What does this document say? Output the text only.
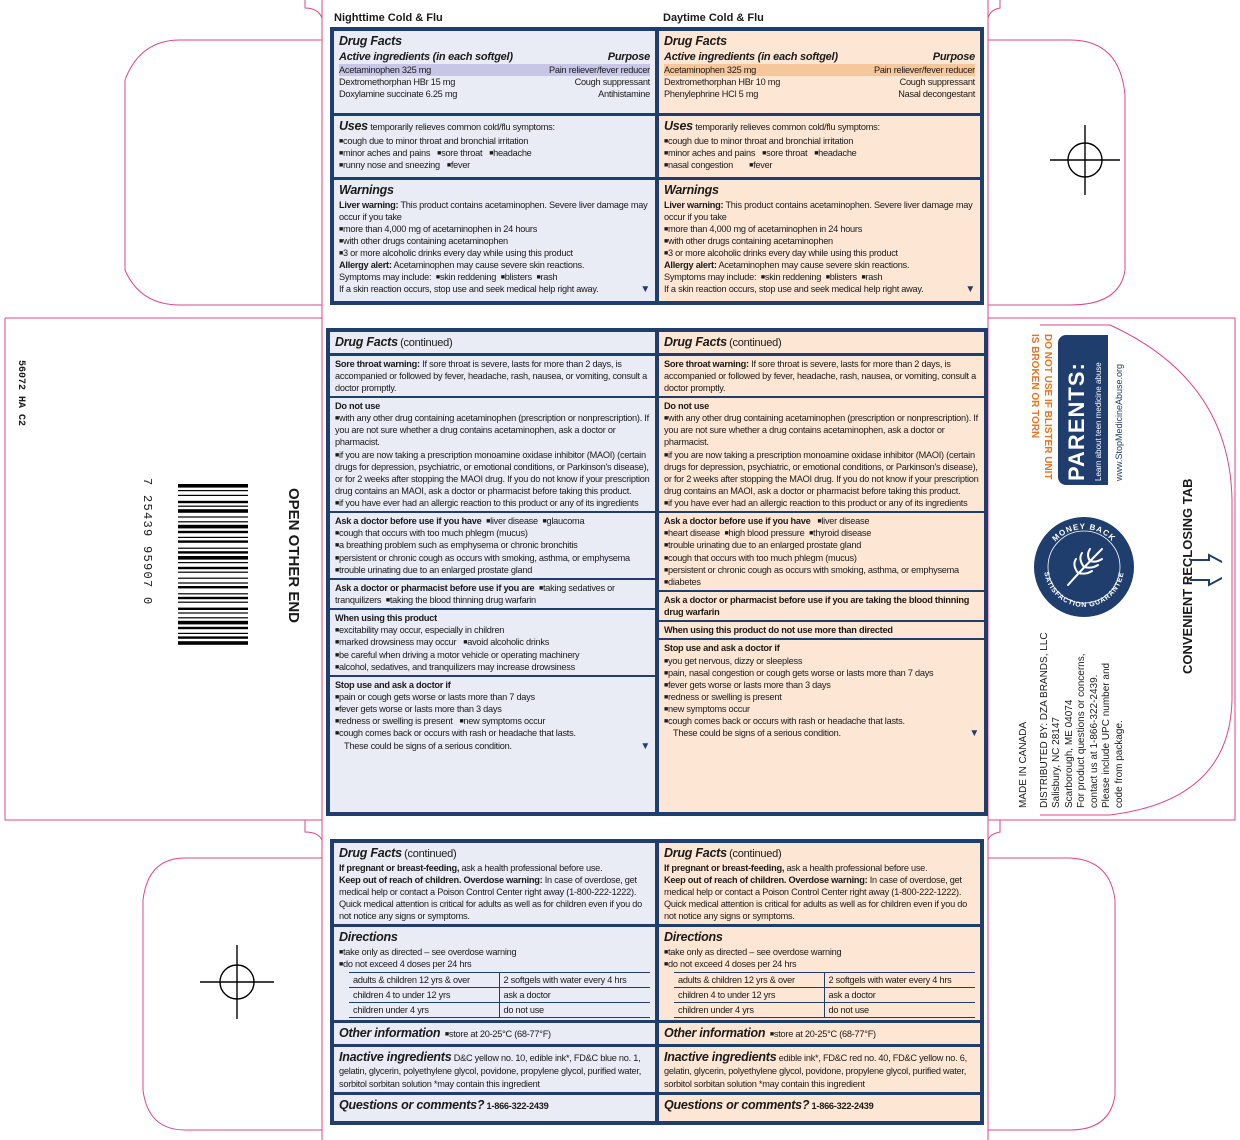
Nighttime Cold & Flu	Daytime Cold & Flu
Drug Facts
Active ingredients (in each softgel)	Purpose
Acetaminophen 325 mg	Pain reliever/fever reducer
Dextromethorphan HBr 15 mg	Cough suppressant
Doxylamine succinate 6.25 mg	Antihistamine
Uses temporarily relieves common cold/flu symptoms:
■ cough due to minor throat and bronchial irritation
■ minor aches and pains ■ sore throat ■ headache
■ runny nose and sneezing ■ fever
Warnings
Liver warning: This product contains acetaminophen. Severe liver damage may occur if you take
■ more than 4,000 mg of acetaminophen in 24 hours
■ with other drugs containing acetaminophen
■ 3 or more alcoholic drinks every day while using this product
Allergy alert: Acetaminophen may cause severe skin reactions.
Symptoms may include: ■ skin reddening ■ blisters ■ rash
If a skin reaction occurs, stop use and seek medical help right away.	▼
Drug Facts
Active ingredients (in each softgel)	Purpose
Acetaminophen 325 mg	Pain reliever/fever reducer
Dextromethorphan HBr 10 mg	Cough suppressant
Phenylephrine HCl 5 mg	Nasal decongestant
Uses temporarily relieves common cold/flu symptoms:
■ cough due to minor throat and bronchial irritation
■ minor aches and pains ■ sore throat ■ headache
■ nasal congestion ■ fever
Warnings
Liver warning: This product contains acetaminophen. Severe liver damage may occur if you take
■ more than 4,000 mg of acetaminophen in 24 hours
■ with other drugs containing acetaminophen
■ 3 or more alcoholic drinks every day while using this product
Allergy alert: Acetaminophen may cause severe skin reactions.
Symptoms may include: ■ skin reddening ■ blisters ■ rash
If a skin reaction occurs, stop use and seek medical help right away.	▼
Drug Facts (continued)
Sore throat warning: If sore throat is severe, lasts for more than 2 days, is accompanied or followed by fever, headache, rash, nausea, or vomiting, consult a doctor promptly.
Do not use
■ with any other drug containing acetaminophen (prescription or nonprescription). If you are not sure whether a drug contains acetaminophen, ask a doctor or pharmacist.
■ if you are now taking a prescription monoamine oxidase inhibitor (MAOI) (certain drugs for depression, psychiatric, or emotional conditions, or Parkinson's disease), or for 2 weeks after stopping the MAOI drug. If you do not know if your prescription drug contains an MAOI, ask a doctor or pharmacist before taking this product.
■ if you have ever had an allergic reaction to this product or any of its ingredients
Ask a doctor before use if you have ■ liver disease ■ glaucoma
■ cough that occurs with too much phlegm (mucus)
■ a breathing problem such as emphysema or chronic bronchitis
■ persistent or chronic cough as occurs with smoking, asthma, or emphysema
■ trouble urinating due to an enlarged prostate gland
Ask a doctor or pharmacist before use if you are ■ taking sedatives or tranquilizers ■ taking the blood thinning drug warfarin
When using this product
■ excitability may occur, especially in children
■ marked drowsiness may occur ■ avoid alcoholic drinks
■ be careful when driving a motor vehicle or operating machinery
■ alcohol, sedatives, and tranquilizers may increase drowsiness
Stop use and ask a doctor if
■ pain or cough gets worse or lasts more than 7 days
■ fever gets worse or lasts more than 3 days
■ redness or swelling is present ■ new symptoms occur
■ cough comes back or occurs with rash or headache that lasts.
These could be signs of a serious condition.	▼
Drug Facts (continued)
Sore throat warning: If sore throat is severe, lasts for more than 2 days, is accompanied or followed by fever, headache, rash, nausea, or vomiting, consult a doctor promptly.
Do not use
■ with any other drug containing acetaminophen (prescription or nonprescription). If you are not sure whether a drug contains acetaminophen, ask a doctor or pharmacist.
■ if you are now taking a prescription monoamine oxidase inhibitor (MAOI) (certain drugs for depression, psychiatric, or emotional conditions, or Parkinson's disease), or for 2 weeks after stopping the MAOI drug. If you do not know if your prescription drug contains an MAOI, ask a doctor or pharmacist before taking this product.
■ if you have ever had an allergic reaction to this product or any of its ingredients
Ask a doctor before use if you have ■ liver disease
■ heart disease ■ high blood pressure ■ thyroid disease
■ trouble urinating due to an enlarged prostate gland
■ cough that occurs with too much phlegm (mucus)
■ persistent or chronic cough as occurs with smoking, asthma, or emphysema
■ diabetes
Ask a doctor or pharmacist before use if you are taking the blood thinning drug warfarin
When using this product do not use more than directed
Stop use and ask a doctor if
■ you get nervous, dizzy or sleepless
■ pain, nasal congestion or cough gets worse or lasts more than 7 days
■ fever gets worse or lasts more than 3 days
■ redness or swelling is present
■ new symptoms occur
■ cough comes back or occurs with rash or headache that lasts.
These could be signs of a serious condition.	▼
Drug Facts (continued)
If pregnant or breast-feeding, ask a health professional before use.
Keep out of reach of children. Overdose warning: In case of overdose, get medical help or contact a Poison Control Center right away (1-800-222-1222). Quick medical attention is critical for adults as well as for children even if you do not notice any signs or symptoms.
Directions
■ take only as directed – see overdose warning
■ do not exceed 4 doses per 24 hrs
adults & children 12 yrs & over	2 softgels with water every 4 hrs
children 4 to under 12 yrs	ask a doctor
children under 4 yrs	do not use
Other information ■ store at 20-25°C (68-77°F)
Inactive ingredients D&C yellow no. 10, edible ink*, FD&C blue no. 1, gelatin, glycerin, polyethylene glycol, povidone, propylene glycol, purified water, sorbitol sorbitan solution *may contain this ingredient
Questions or comments? 1-866-322-2439
Drug Facts (continued)
If pregnant or breast-feeding, ask a health professional before use.
Keep out of reach of children. Overdose warning: In case of overdose, get medical help or contact a Poison Control Center right away (1-800-222-1222). Quick medical attention is critical for adults as well as for children even if you do not notice any signs or symptoms.
Directions
■ take only as directed – see overdose warning
■ do not exceed 4 doses per 24 hrs
adults & children 12 yrs & over	2 softgels with water every 4 hrs
children 4 to under 12 yrs	ask a doctor
children under 4 yrs	do not use
Other information ■ store at 20-25°C (68-77°F)
Inactive ingredients edible ink*, FD&C red no. 40, FD&C yellow no. 6, gelatin, glycerin, polyethylene glycol, povidone, propylene glycol, purified water, sorbitol sorbitan solution *may contain this ingredient
Questions or comments? 1-866-322-2439
OPEN OTHER END
56072 HA C2
7 25439 95907 0
DO NOT USE IF BLISTER UNIT IS BROKEN OR TORN	PARENTS: Learn about teen medicine abuse www.StopMedicineAbuse.org
MONEY BACK
SATISFACTION GUARANTEE
MADE IN CANADA DISTRIBUTED BY: DZA BRANDS, LLC Salisbury, NC 28147 Scarborough, ME 04074 For product questions or concerns, contact us at 1-866-322-2439. Please include UPC number and code from package.
CONVENIENT RECLOSING TAB
